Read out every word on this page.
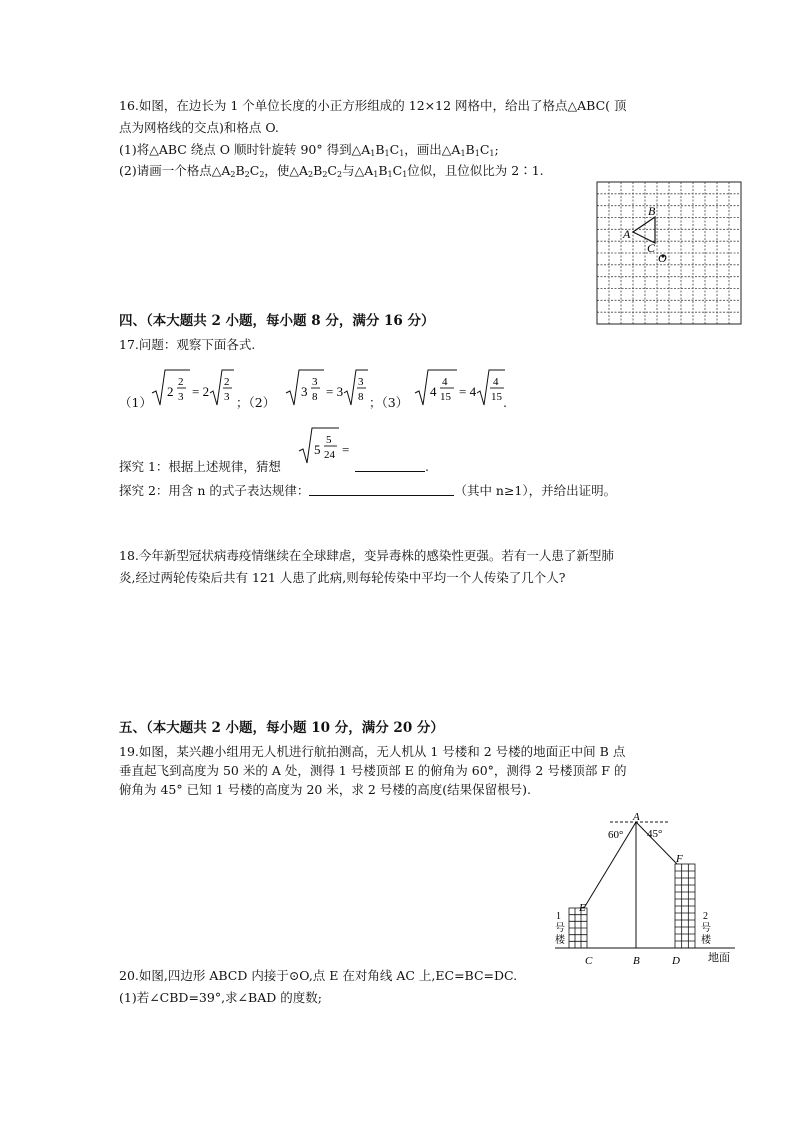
16.如图，在边长为 1 个单位长度的小正方形组成的 12×12 网格中，给出了格点△ABC( 顶
点为网格线的交点)和格点 O.
(1)将△ABC 绕点 O 顺时针旋转 90° 得到$\triangle A_1B_1C_1$，画出$\triangle A_1B_1C_1$;
(2)请画一个格点$\triangle A_2B_2C_2$，使$\triangle A_2B_2C_2$与$\triangle A_1B_1C_1$位似，且位似比为 2∶1.
A
B
C
O
四、（本大题共 2 小题，每小题 8 分，满分 16 分）
17.问题：观察下面各式.
（1）
2
2
3 = 2
2
3 ；（2）
3
3
8 = 3
3
8 ；（3）
4
4
15 = 4
4
15 .
探究 1：根据上述规律，猜想
5
5
24 =
.
探究 2：用含 n 的式子表达规律：	（其中 n≥1），并给出证明。
18.今年新型冠状病毒疫情继续在全球肆虐，变异毒株的感染性更强。若有一人患了新型肺
炎,经过两轮传染后共有 121 人患了此病,则每轮传染中平均一个人传染了几个人?
五、（本大题共 2 小题，每小题 10 分，满分 20 分）
19.如图，某兴趣小组用无人机进行航拍测高，无人机从 1 号楼和 2 号楼的地面正中间 B 点
垂直起飞到高度为 50 米的 A 处，测得 1 号楼顶部 E 的俯角为 60°，测得 2 号楼顶部 F 的
俯角为 45° 已知 1 号楼的高度为 20 米，求 2 号楼的高度(结果保留根号).
A
B
C	D
E
F
60° 45°
1
号
楼
2
号
楼
地面
20.如图,四边形 ABCD 内接于⊙O,点 E 在对角线 AC 上,EC=BC=DC.
(1)若∠CBD=39°,求∠BAD 的度数;
